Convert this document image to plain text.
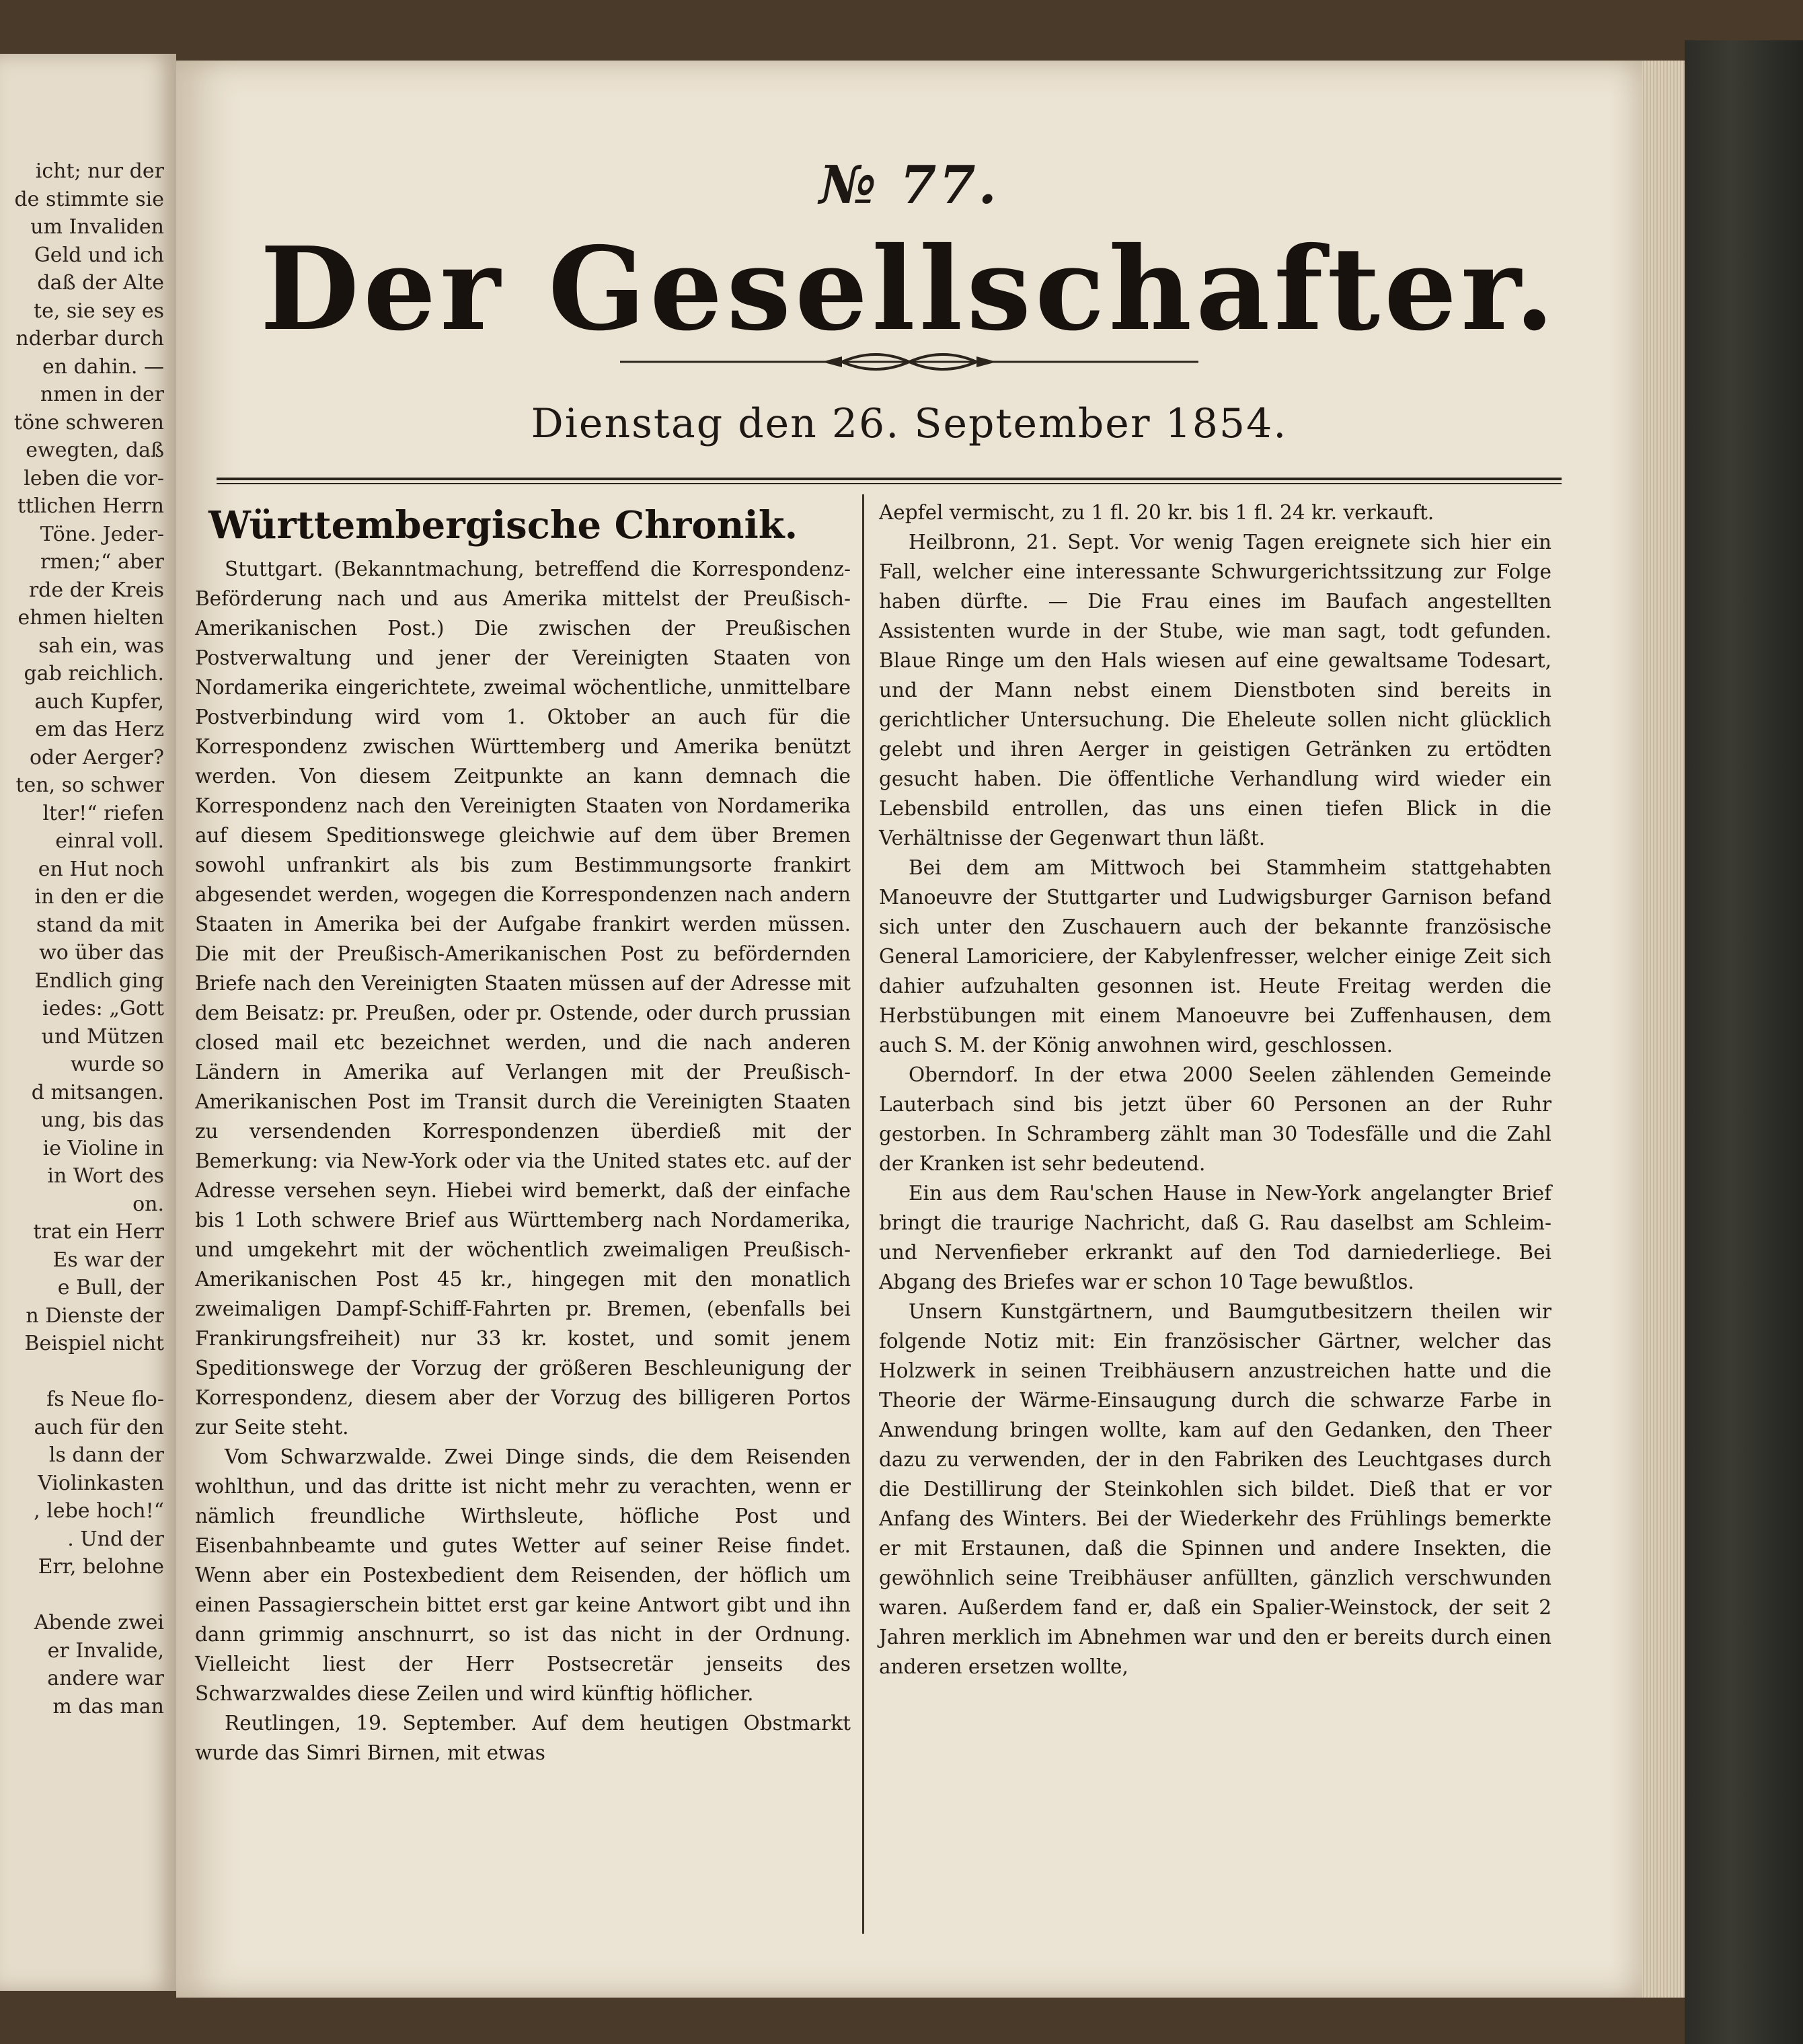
icht; nur der
de stimmte sie
um Invaliden
Geld und ich
daß der Alte
te, sie sey es
nderbar durch
en dahin. —
nmen in der
töne schweren
ewegten, daß
leben die vor-
ttlichen Herrn
Töne. Jeder-
rmen;“ aber
rde der Kreis
ehmen hielten
sah ein, was
gab reichlich.
auch Kupfer,
em das Herz
oder Aerger?
ten, so schwer
lter!“ riefen
einral voll.
en Hut noch
in den er die
stand da mit
wo über das
Endlich ging
iedes: „Gott
und Mützen
wurde so
d mitsangen.
ung, bis das
ie Violine in
in Wort des
on.
trat ein Herr
Es war der
e Bull, der
n Dienste der
Beispiel nicht
fs Neue flo-
auch für den
ls dann der
Violinkasten
, lebe hoch!“
. Und der
Err, belohne
Abende zwei
er Invalide,
andere war
m das man
№ 77.
Der Gesellschafter.
Dienstag den 26. September 1854.
Württembergische Chronik.

Stuttgart. (Bekanntmachung, betreffend die Korrespondenz-Beförderung nach und aus Amerika mittelst der Preußisch-Amerikanischen Post.) Die zwischen der Preußischen Postverwaltung und jener der Vereinigten Staaten von Nordamerika eingerichtete, zweimal wöchentliche, unmittelbare Postverbindung wird vom 1. Oktober an auch für die Korrespondenz zwischen Württemberg und Amerika benützt werden. Von diesem Zeitpunkte an kann demnach die Korrespondenz nach den Vereinigten Staaten von Nordamerika auf diesem Speditionswege gleichwie auf dem über Bremen sowohl unfrankirt als bis zum Bestimmungsorte frankirt abgesendet werden, wogegen die Korrespondenzen nach andern Staaten in Amerika bei der Aufgabe frankirt werden müssen. Die mit der Preußisch-Amerikanischen Post zu befördernden Briefe nach den Vereinigten Staaten müssen auf der Adresse mit dem Beisatz: pr. Preußen, oder pr. Ostende, oder durch prussian closed mail etc bezeichnet werden, und die nach anderen Ländern in Amerika auf Verlangen mit der Preußisch-Amerikanischen Post im Transit durch die Vereinigten Staaten zu versendenden Korrespondenzen überdieß mit der Bemerkung: via New-York oder via the United states etc. auf der Adresse versehen seyn. Hiebei wird bemerkt, daß der einfache bis 1 Loth schwere Brief aus Württemberg nach Nordamerika, und umgekehrt mit der wöchentlich zweimaligen Preußisch-Amerikanischen Post 45 kr., hingegen mit den monatlich zweimaligen Dampf-Schiff-Fahrten pr. Bremen, (ebenfalls bei Frankirungsfreiheit) nur 33 kr. kostet, und somit jenem Speditionswege der Vorzug der größeren Beschleunigung der Korrespondenz, diesem aber der Vorzug des billigeren Portos zur Seite steht.

Vom Schwarzwalde. Zwei Dinge sinds, die dem Reisenden wohlthun, und das dritte ist nicht mehr zu verachten, wenn er nämlich freundliche Wirthsleute, höfliche Post und Eisenbahnbeamte und gutes Wetter auf seiner Reise findet. Wenn aber ein Postexbedient dem Reisenden, der höflich um einen Passagierschein bittet erst gar keine Antwort gibt und ihn dann grimmig anschnurrt, so ist das nicht in der Ordnung. Vielleicht liest der Herr Postsecretär jenseits des Schwarzwaldes diese Zeilen und wird künftig höflicher.

Reutlingen, 19. September. Auf dem heutigen Obstmarkt wurde das Simri Birnen, mit etwas

Aepfel vermischt, zu 1 fl. 20 kr. bis 1 fl. 24 kr. verkauft.

Heilbronn, 21. Sept. Vor wenig Tagen ereignete sich hier ein Fall, welcher eine interessante Schwurgerichtssitzung zur Folge haben dürfte. — Die Frau eines im Baufach angestellten Assistenten wurde in der Stube, wie man sagt, todt gefunden. Blaue Ringe um den Hals wiesen auf eine gewaltsame Todesart, und der Mann nebst einem Dienstboten sind bereits in gerichtlicher Untersuchung. Die Eheleute sollen nicht glücklich gelebt und ihren Aerger in geistigen Getränken zu ertödten gesucht haben. Die öffentliche Verhandlung wird wieder ein Lebensbild entrollen, das uns einen tiefen Blick in die Verhältnisse der Gegenwart thun läßt.

Bei dem am Mittwoch bei Stammheim stattgehabten Manoeuvre der Stuttgarter und Ludwigsburger Garnison befand sich unter den Zuschauern auch der bekannte französische General Lamoriciere, der Kabylenfresser, welcher einige Zeit sich dahier aufzuhalten gesonnen ist. Heute Freitag werden die Herbstübungen mit einem Manoeuvre bei Zuffenhausen, dem auch S. M. der König anwohnen wird, geschlossen.

Oberndorf. In der etwa 2000 Seelen zählenden Gemeinde Lauterbach sind bis jetzt über 60 Personen an der Ruhr gestorben. In Schramberg zählt man 30 Todesfälle und die Zahl der Kranken ist sehr bedeutend.

Ein aus dem Rau'schen Hause in New-York angelangter Brief bringt die traurige Nachricht, daß G. Rau daselbst am Schleim- und Nervenfieber erkrankt auf den Tod darniederliege. Bei Abgang des Briefes war er schon 10 Tage bewußtlos.

Unsern Kunstgärtnern, und Baumgutbesitzern theilen wir folgende Notiz mit: Ein französischer Gärtner, welcher das Holzwerk in seinen Treibhäusern anzustreichen hatte und die Theorie der Wärme-Einsaugung durch die schwarze Farbe in Anwendung bringen wollte, kam auf den Gedanken, den Theer dazu zu verwenden, der in den Fabriken des Leuchtgases durch die Destillirung der Steinkohlen sich bildet. Dieß that er vor Anfang des Winters. Bei der Wiederkehr des Frühlings bemerkte er mit Erstaunen, daß die Spinnen und andere Insekten, die gewöhnlich seine Treibhäuser anfüllten, gänzlich verschwunden waren. Außerdem fand er, daß ein Spalier-Weinstock, der seit 2 Jahren merklich im Abnehmen war und den er bereits durch einen anderen ersetzen wollte,
